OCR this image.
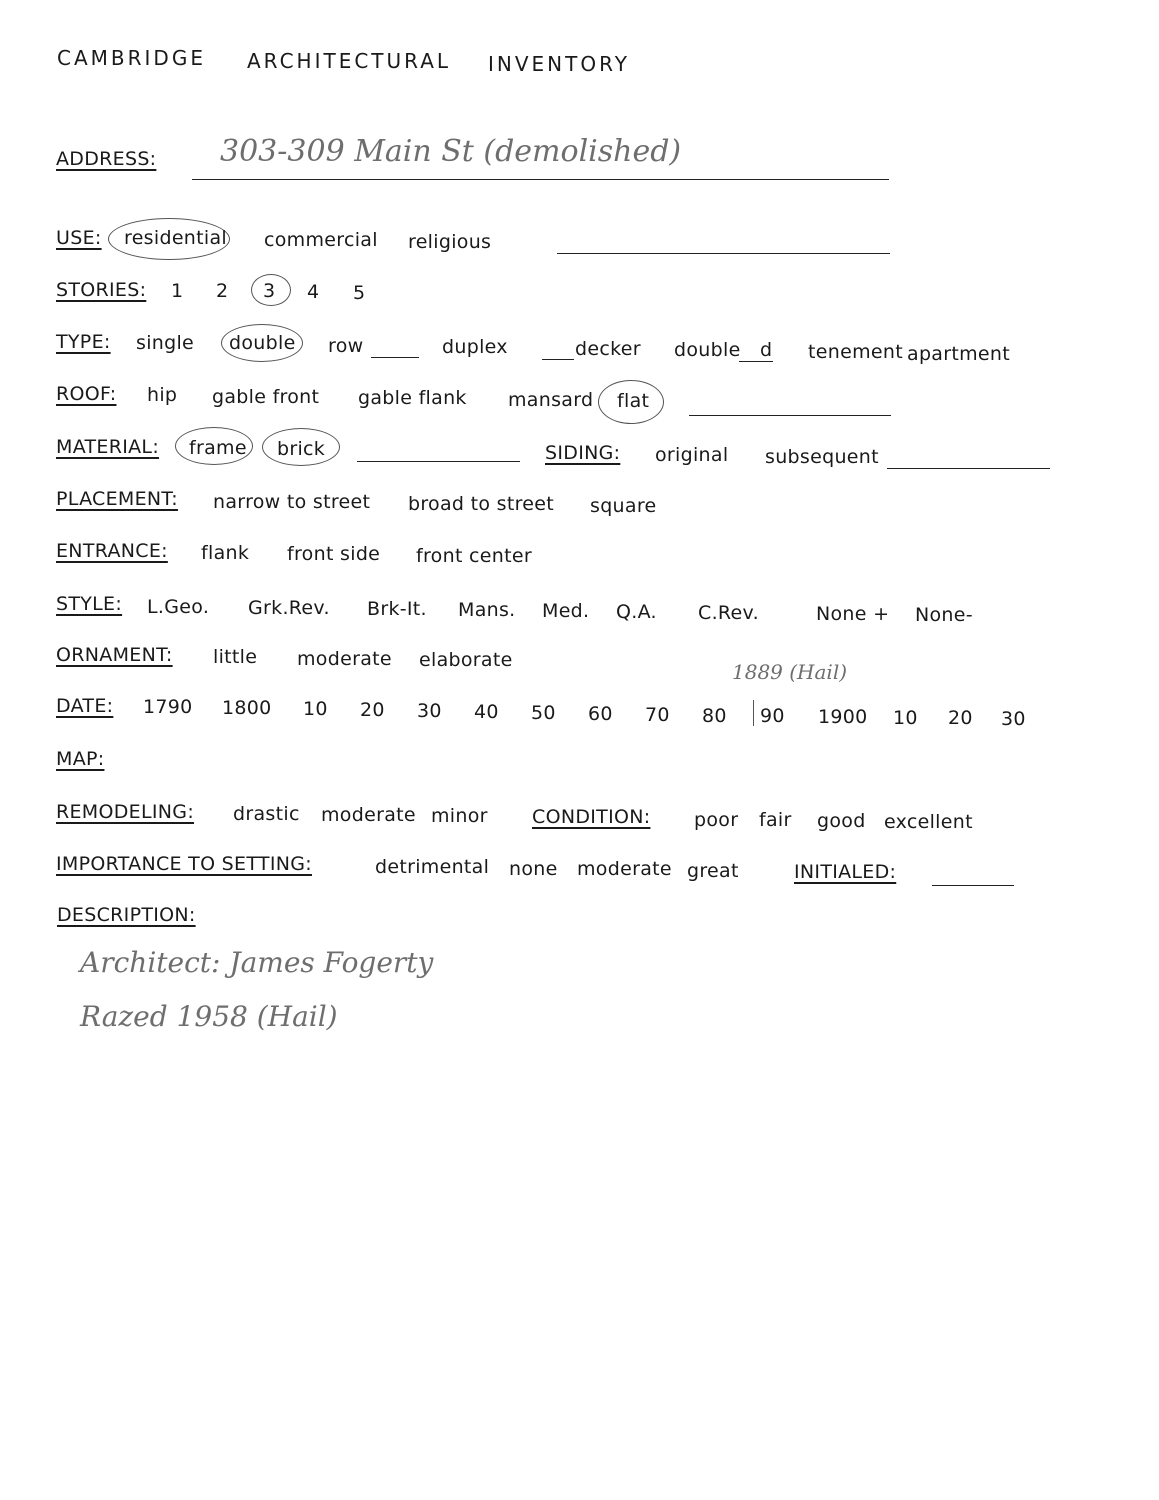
CAMBRIDGE ARCHITECTURAL INVENTORY
ADDRESS: 303-309 Main St (demolished)
USE: residential commercial religious
STORIES: 1 2 3 4 5
TYPE: single double row	duplex	decker double d tenement apartment
ROOF: hip gable front gable flank mansard flat
MATERIAL: frame brick	SIDING: original subsequent
PLACEMENT: narrow to street broad to street square
ENTRANCE: flank front side front center
STYLE: L.Geo. Grk.Rev. Brk-It. Mans. Med. Q.A. C.Rev.	None + None-
ORNAMENT: little moderate elaborate	1889 (Hail)
DATE: 1790 1800 10 20 30 40 50 60 70 80 90 1900 10 20 30
MAP:
REMODELING: drastic moderate minor CONDITION: poor fair good excellent
IMPORTANCE TO SETTING:	detrimental none moderate great	INITIALED:
DESCRIPTION:
Architect: James Fogerty
Razed 1958 (Hail)
